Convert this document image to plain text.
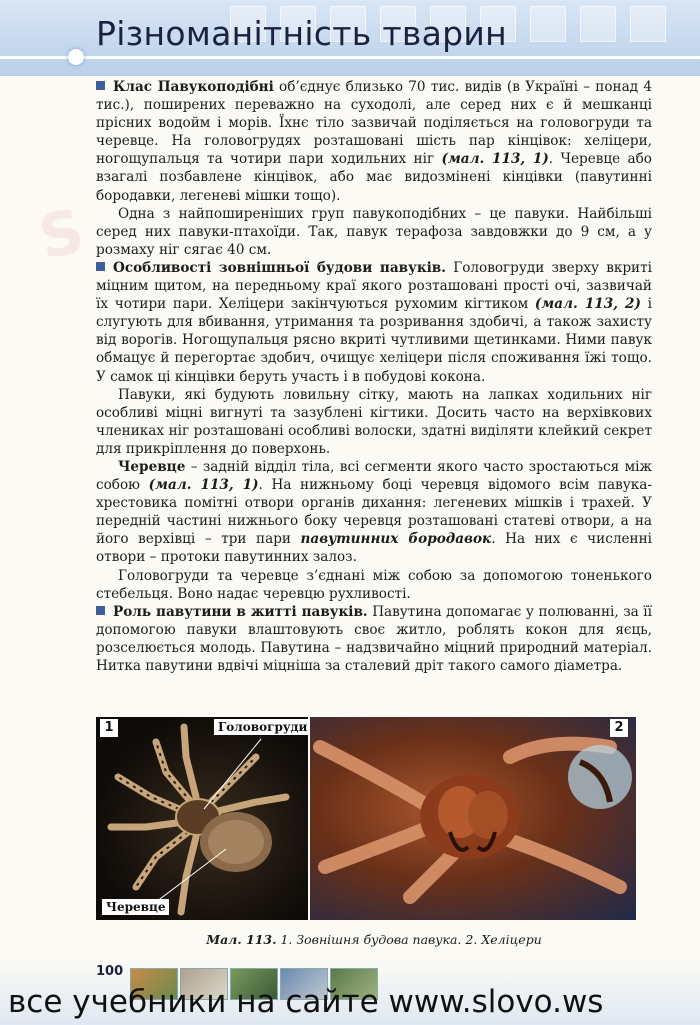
Різноманітність тварин
S

Клас Павукоподібні об’єднує близько 70 тис. видів (в Україні – понад 4 тис.), поширених переважно на суходолі, але серед них є й мешканці прісних водойм і морів. Їхнє тіло зазвичай поділяється на головогруди та черевце. На головогрудях розташовані шість пар кінцівок: хеліцери, ногощупальця та чотири пари ходильних ніг (мал. 113, 1). Черевце або взагалі позбавлене кінцівок, або має видозмінені кінцівки (павутинні бородавки, легеневі мішки тощо).

Одна з найпоширеніших груп павукоподібних – це павуки. Найбільші серед них павуки-птахоїди. Так, павук терафоза завдовжки до 9 см, а у розмаху ніг сягає 40 см.

Особливості зовнішньої будови павуків. Головогруди зверху вкриті міцним щитом, на передньому краї якого розташовані прості очі, зазвичай їх чотири пари. Хеліцери закінчуються рухомим кігтиком (мал. 113, 2) і слугують для вбивання, утримання та розривання здобичі, а також захисту від ворогів. Ногощупальця рясно вкриті чутливими щетинками. Ними павук обмацує й перегортає здобич, очищує хеліцери після споживання їжі тощо. У самок ці кінцівки беруть участь і в побудові кокона.

Павуки, які будують ловильну сітку, мають на лапках ходильних ніг особливі міцні вигнуті та зазублені кігтики. Досить часто на верхівкових члениках ніг розташовані особливі волоски, здатні виділяти клейкий секрет для прикріплення до поверхонь.

Черевце – задній відділ тіла, всі сегменти якого часто зростаються між собою (мал. 113, 1). На нижньому боці черевця відомого всім павука-хрестовика помітні отвори органів дихання: легеневих мішків і трахей. У передній частині нижнього боку черевця розташовані статеві отвори, а на його верхівці – три пари павутинних бородавок. На них є численні отвори – протоки павутинних залоз.

Головогруди та черевце з’єднані між собою за допомогою тоненького стебельця. Воно надає черевцю рухливості.

Роль павутини в житті павуків. Павутина допомагає у полюванні, за її допомогою павуки влаштовують своє житло, роблять кокон для яєць, розселюється молодь. Павутина – надзвичайно міцний природний матеріал. Нитка павутини вдвічі міцніша за сталевий дріт такого самого діаметра.

1	Головогруди
Черевце
2
Мал. 113. 1. Зовнішня будова павука. 2. Хеліцери
100
все учебники на сайте www.slovo.ws
